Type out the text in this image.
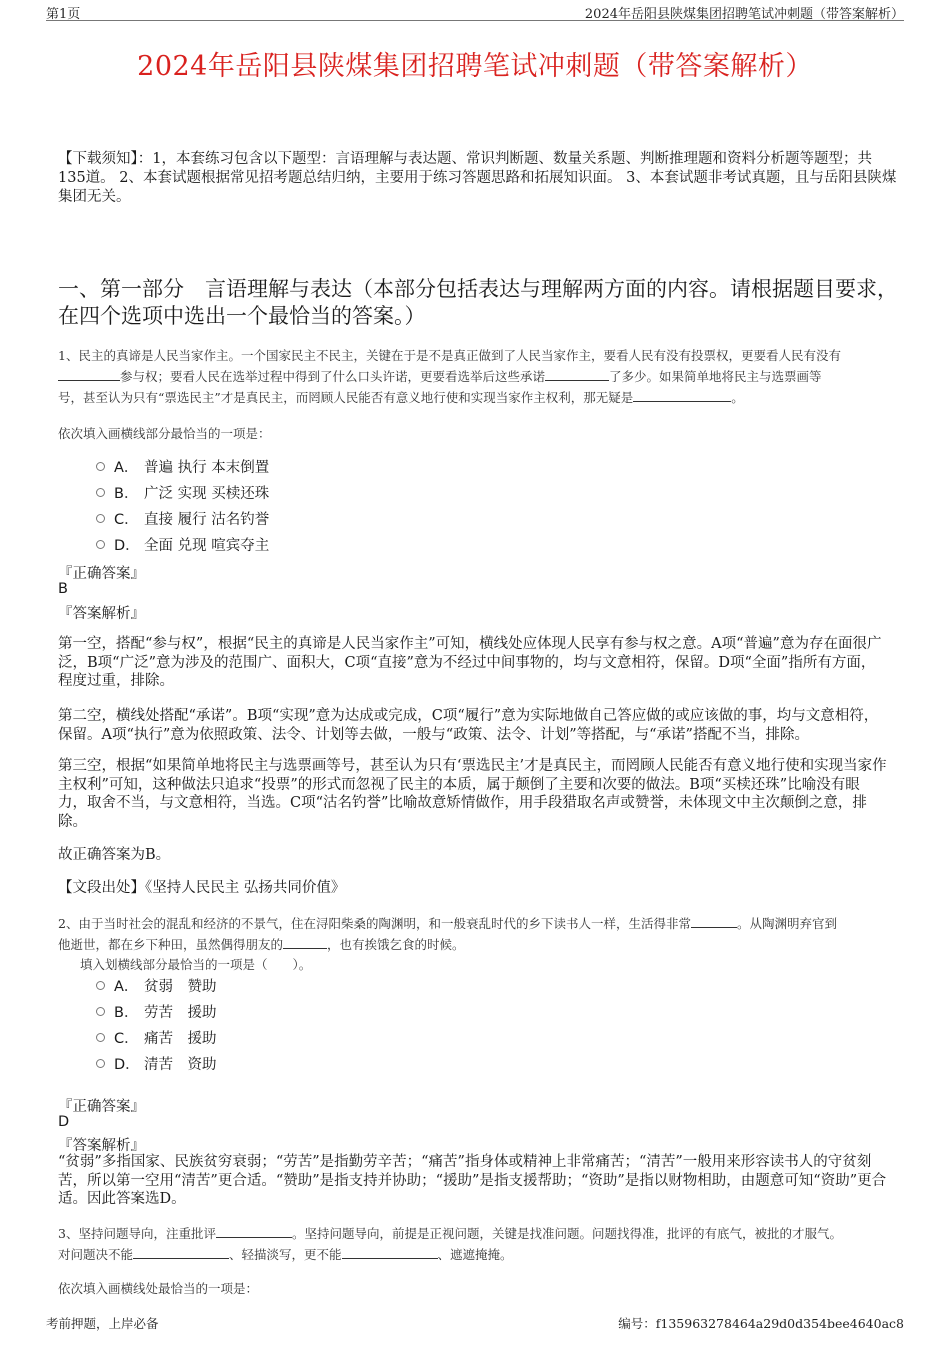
第1页	2024年岳阳县陕煤集团招聘笔试冲刺题（带答案解析）
2024年岳阳县陕煤集团招聘笔试冲刺题（带答案解析）
【下载须知】：1，本套练习包含以下题型：言语理解与表达题、常识判断题、数量关系题、判断推理题和资料分析题等题型；共135道。 2、本套试题根据常见招考题总结归纳，主要用于练习答题思路和拓展知识面。 3、本套试题非考试真题，且与岳阳县陕煤集团无关。
一、第一部分　言语理解与表达（本部分包括表达与理解两方面的内容。请根据题目要求，在四个选项中选出一个最恰当的答案。）
1、民主的真谛是人民当家作主。一个国家民主不民主，关键在于是不是真正做到了人民当家作主，要看人民有没有投票权，更要看人民有没有
参与权；要看人民在选举过程中得到了什么口头许诺，更要看选举后这些承诺	了多少。如果简单地将民主与选票画等
号，甚至认为只有“票选民主”才是真民主，而罔顾人民能否有意义地行使和实现当家作主权利，那无疑是	。
依次填入画横线部分最恰当的一项是：
A． 普遍 执行 本末倒置
B． 广泛 实现 买椟还珠
C． 直接 履行 沽名钓誉
D． 全面 兑现 喧宾夺主
『正确答案』
B
『答案解析』
第一空，搭配“参与权”，根据“民主的真谛是人民当家作主”可知，横线处应体现人民享有参与权之意。A项“普遍”意为存在面很广泛，B项“广泛”意为涉及的范围广、面积大，C项“直接”意为不经过中间事物的，均与文意相符，保留。D项“全面”指所有方面，程度过重，排除。
第二空，横线处搭配“承诺”。B项“实现”意为达成或完成，C项“履行”意为实际地做自己答应做的或应该做的事，均与文意相符，保留。A项“执行”意为依照政策、法令、计划等去做，一般与“政策、法令、计划”等搭配，与“承诺”搭配不当，排除。
第三空，根据“如果简单地将民主与选票画等号，甚至认为只有‘票选民主’才是真民主，而罔顾人民能否有意义地行使和实现当家作主权利”可知，这种做法只追求“投票”的形式而忽视了民主的本质，属于颠倒了主要和次要的做法。B项“买椟还珠”比喻没有眼力，取舍不当，与文意相符，当选。C项“沽名钓誉”比喻故意矫情做作，用手段猎取名声或赞誉，未体现文中主次颠倒之意，排除。
故正确答案为B。
【文段出处】《坚持人民民主 弘扬共同价值》
2、由于当时社会的混乱和经济的不景气，住在浔阳柴桑的陶渊明，和一般衰乱时代的乡下读书人一样，生活得非常	。从陶渊明弃官到
他逝世，都在乡下种田，虽然偶得朋友的	，也有挨饿乞食的时候。
填入划横线部分最恰当的一项是（　　）。
A． 贫弱　赞助
B． 劳苦　援助
C． 痛苦　援助
D． 清苦　资助
『正确答案』
D
『答案解析』
“贫弱”多指国家、民族贫穷衰弱；“劳苦”是指勤劳辛苦；“痛苦”指身体或精神上非常痛苦；“清苦”一般用来形容读书人的守贫刻苦，所以第一空用“清苦”更合适。“赞助”是指支持并协助；“援助”是指支援帮助；“资助”是指以财物相助，由题意可知“资助”更合适。因此答案选D。
3、坚持问题导向，注重批评	。坚持问题导向，前提是正视问题，关键是找准问题。问题找得准，批评的有底气，被批的才服气。
对问题决不能	、轻描淡写，更不能	、遮遮掩掩。
依次填入画横线处最恰当的一项是：
考前押题，上岸必备	编号：f135963278464a29d0d354bee4640ac8
